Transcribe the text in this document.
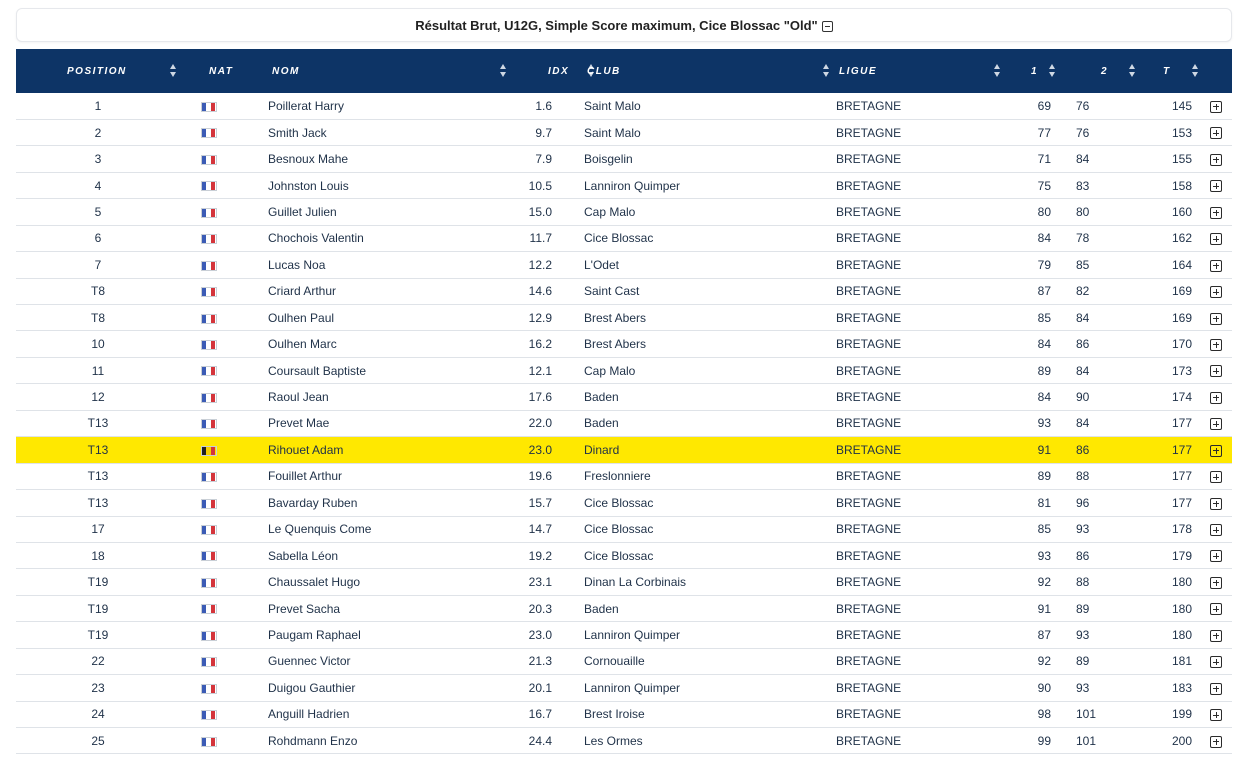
Résultat Brut, U12G, Simple Score maximum, Cice Blossac "Old"
POSITION	NAT	NOM	IDX	CLUB	LIGUE	1	2	T	

1		Poillerat Harry	1.6	Saint Malo	BRETAGNE	69	76	145	
2		Smith Jack	9.7	Saint Malo	BRETAGNE	77	76	153	
3		Besnoux Mahe	7.9	Boisgelin	BRETAGNE	71	84	155	
4		Johnston Louis	10.5	Lanniron Quimper	BRETAGNE	75	83	158	
5		Guillet Julien	15.0	Cap Malo	BRETAGNE	80	80	160	
6		Chochois Valentin	11.7	Cice Blossac	BRETAGNE	84	78	162	
7		Lucas Noa	12.2	L'Odet	BRETAGNE	79	85	164	
T8		Criard Arthur	14.6	Saint Cast	BRETAGNE	87	82	169	
T8		Oulhen Paul	12.9	Brest Abers	BRETAGNE	85	84	169	
10		Oulhen Marc	16.2	Brest Abers	BRETAGNE	84	86	170	
11		Coursault Baptiste	12.1	Cap Malo	BRETAGNE	89	84	173	
12		Raoul Jean	17.6	Baden	BRETAGNE	84	90	174	
T13		Prevet Mae	22.0	Baden	BRETAGNE	93	84	177	
T13		Rihouet Adam	23.0	Dinard	BRETAGNE	91	86	177	
T13		Fouillet Arthur	19.6	Freslonniere	BRETAGNE	89	88	177	
T13		Bavarday Ruben	15.7	Cice Blossac	BRETAGNE	81	96	177	
17		Le Quenquis Come	14.7	Cice Blossac	BRETAGNE	85	93	178	
18		Sabella Léon	19.2	Cice Blossac	BRETAGNE	93	86	179	
T19		Chaussalet Hugo	23.1	Dinan La Corbinais	BRETAGNE	92	88	180	
T19		Prevet Sacha	20.3	Baden	BRETAGNE	91	89	180	
T19		Paugam Raphael	23.0	Lanniron Quimper	BRETAGNE	87	93	180	
22		Guennec Victor	21.3	Cornouaille	BRETAGNE	92	89	181	
23		Duigou Gauthier	20.1	Lanniron Quimper	BRETAGNE	90	93	183	
24		Anguill Hadrien	16.7	Brest Iroise	BRETAGNE	98	101	199	
25		Rohdmann Enzo	24.4	Les Ormes	BRETAGNE	99	101	200	
